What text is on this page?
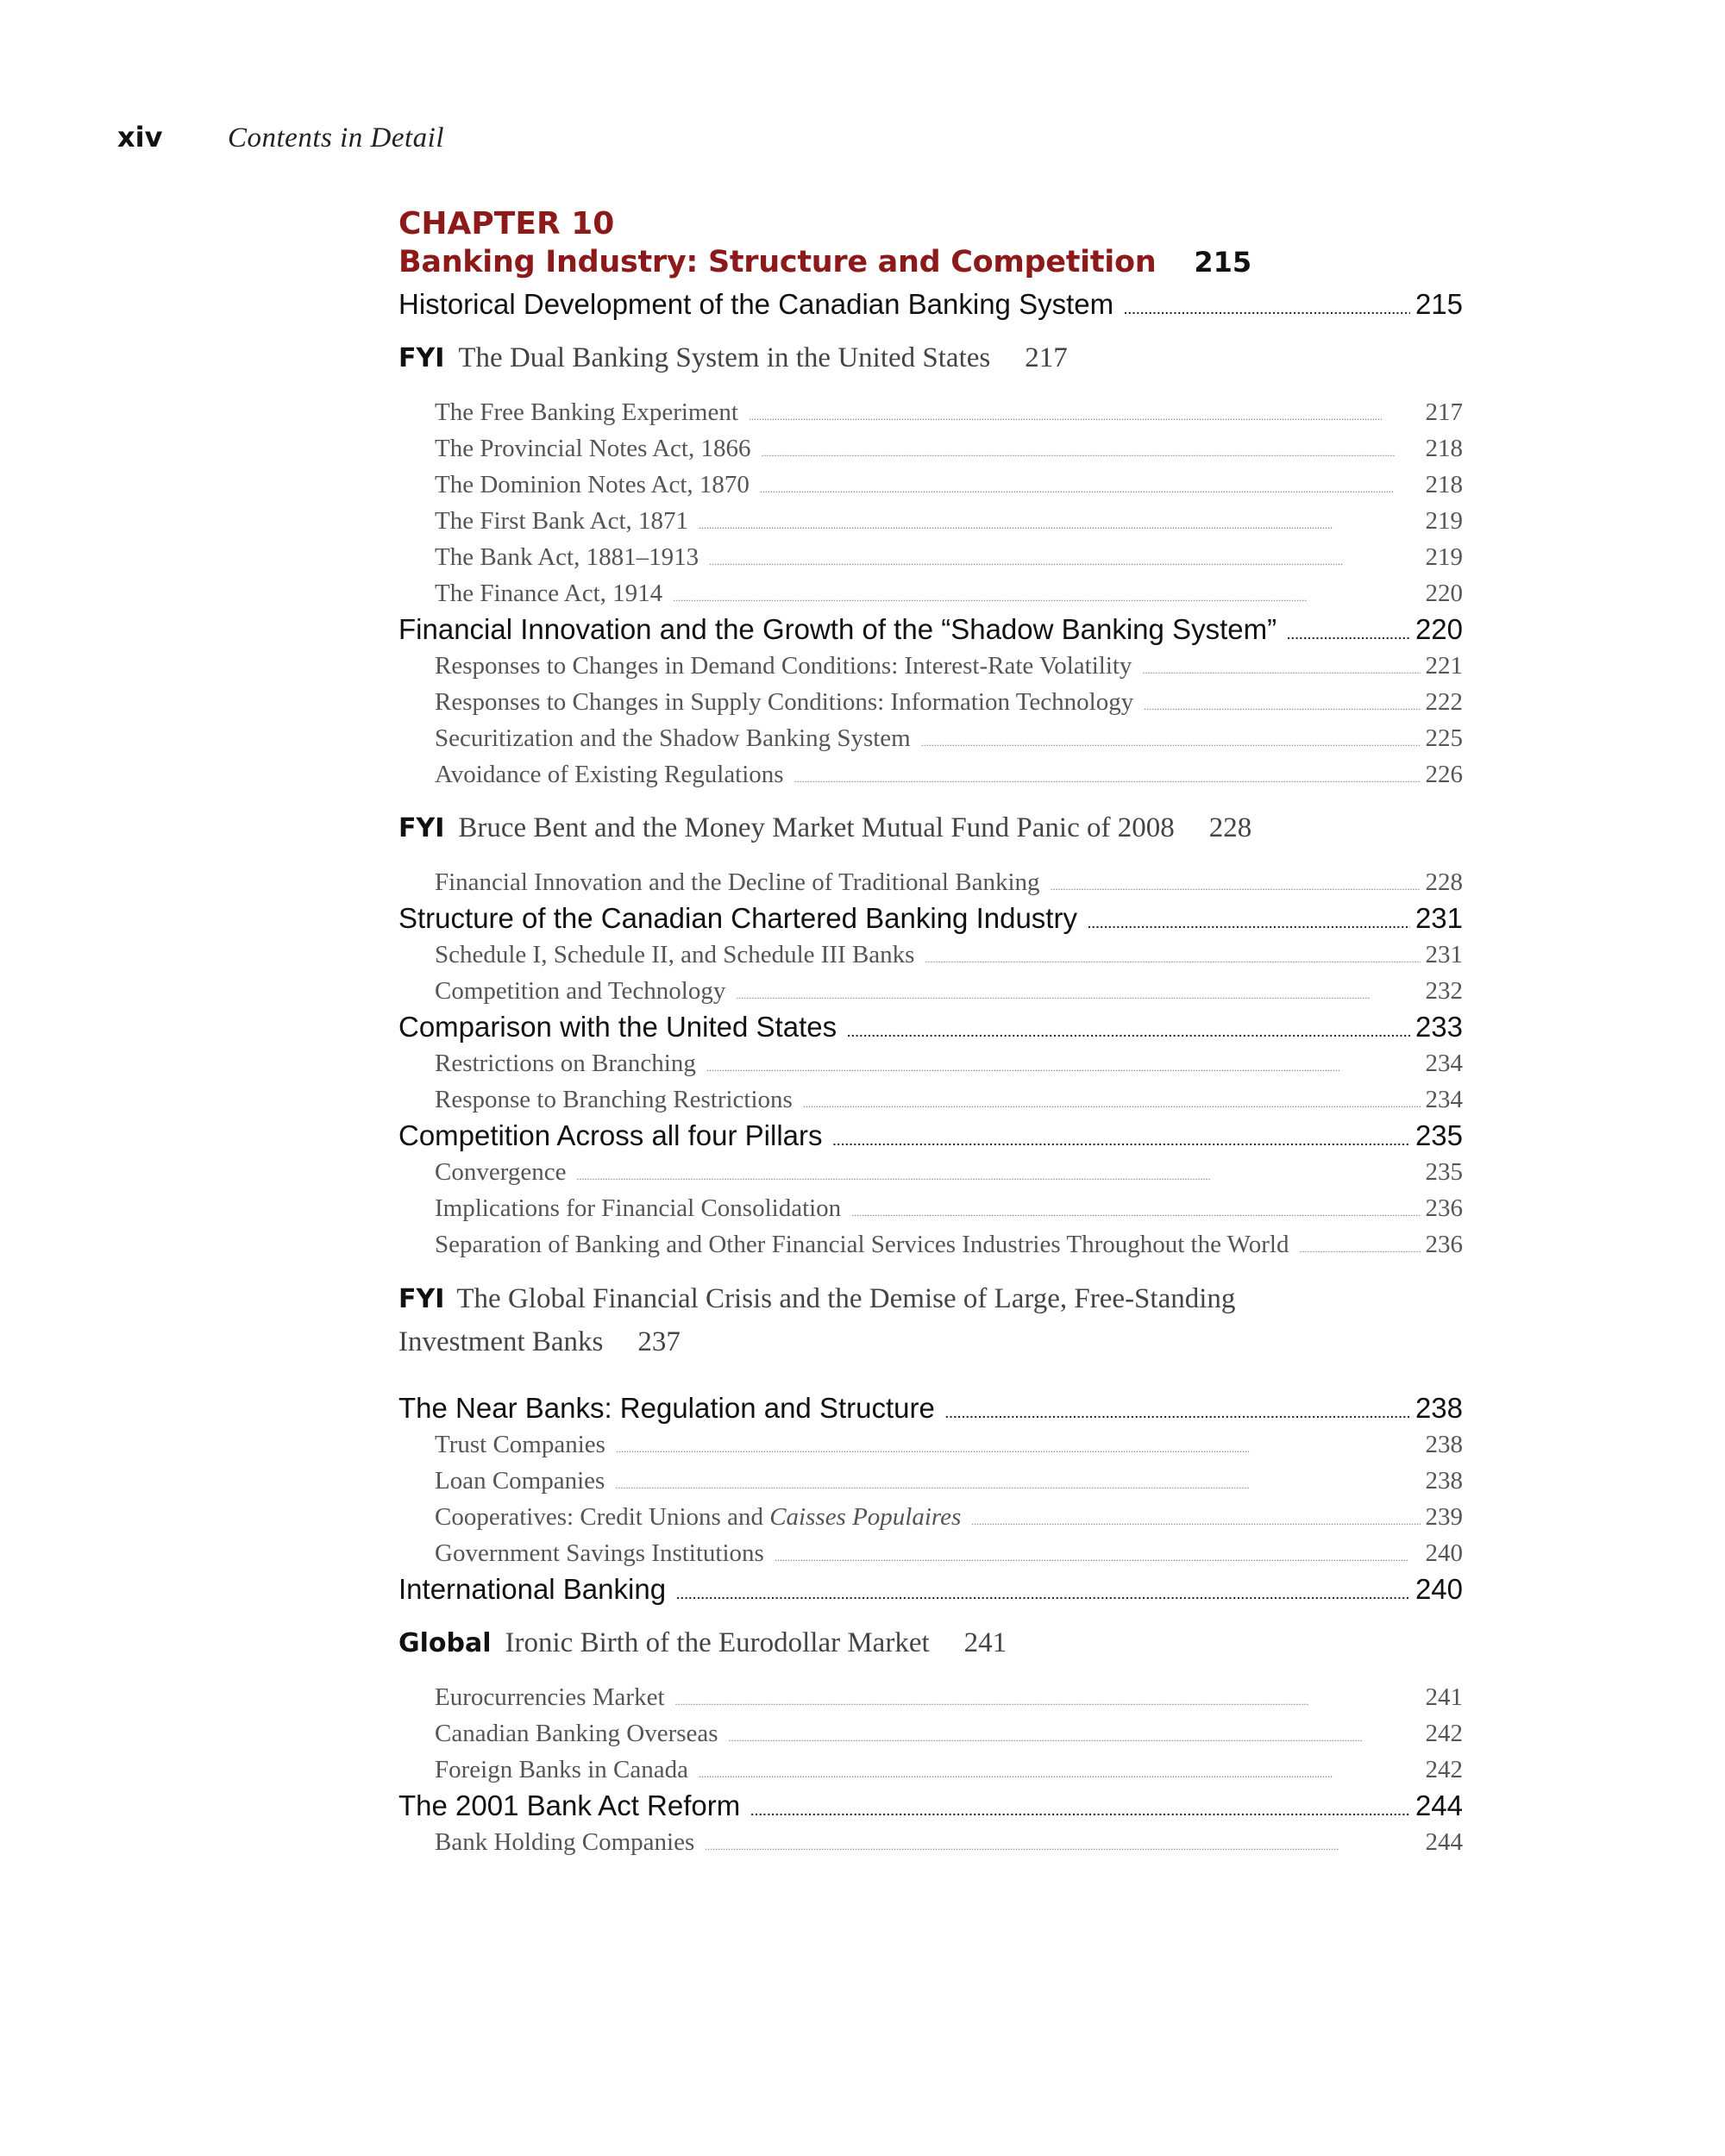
xiv	Contents in Detail
CHAPTER 10
Banking Industry: Structure and Competition 215
Historical Development of the Canadian Banking System . . .	215
FYI The Dual Banking System in the United States 217
The Free Banking Experiment . . .	217
The Provincial Notes Act, 1866 . . .	218
The Dominion Notes Act, 1870 . . .	218
The First Bank Act, 1871 . . .	219
The Bank Act, 1881–1913 . . .	219
The Finance Act, 1914 . . .	220
Financial Innovation and the Growth of the “Shadow Banking System” . . .	220
Responses to Changes in Demand Conditions: Interest-Rate Volatility . . .	221
Responses to Changes in Supply Conditions: Information Technology . . .	222
Securitization and the Shadow Banking System . . .	225
Avoidance of Existing Regulations . . .	226
FYI Bruce Bent and the Money Market Mutual Fund Panic of 2008 228
Financial Innovation and the Decline of Traditional Banking . . .	228
Structure of the Canadian Chartered Banking Industry . . .	231
Schedule I, Schedule II, and Schedule III Banks . . .	231
Competition and Technology . . .	232
Comparison with the United States . . .	233
Restrictions on Branching . . .	234
Response to Branching Restrictions . . .	234
Competition Across all four Pillars . . .	235
Convergence . . .	235
Implications for Financial Consolidation . . .	236
Separation of Banking and Other Financial Services Industries Throughout the World . . .	236
FYI The Global Financial Crisis and the Demise of Large, Free-Standing Investment Banks 237
The Near Banks: Regulation and Structure . . .	238
Trust Companies . . .	238
Loan Companies . . .	238
Cooperatives: Credit Unions and Caisses Populaires . . .	239
Government Savings Institutions . . .	240
International Banking . . .	240
Global Ironic Birth of the Eurodollar Market 241
Eurocurrencies Market . . .	241
Canadian Banking Overseas . . .	242
Foreign Banks in Canada . . .	242
The 2001 Bank Act Reform . . .	244
Bank Holding Companies . . .	244
